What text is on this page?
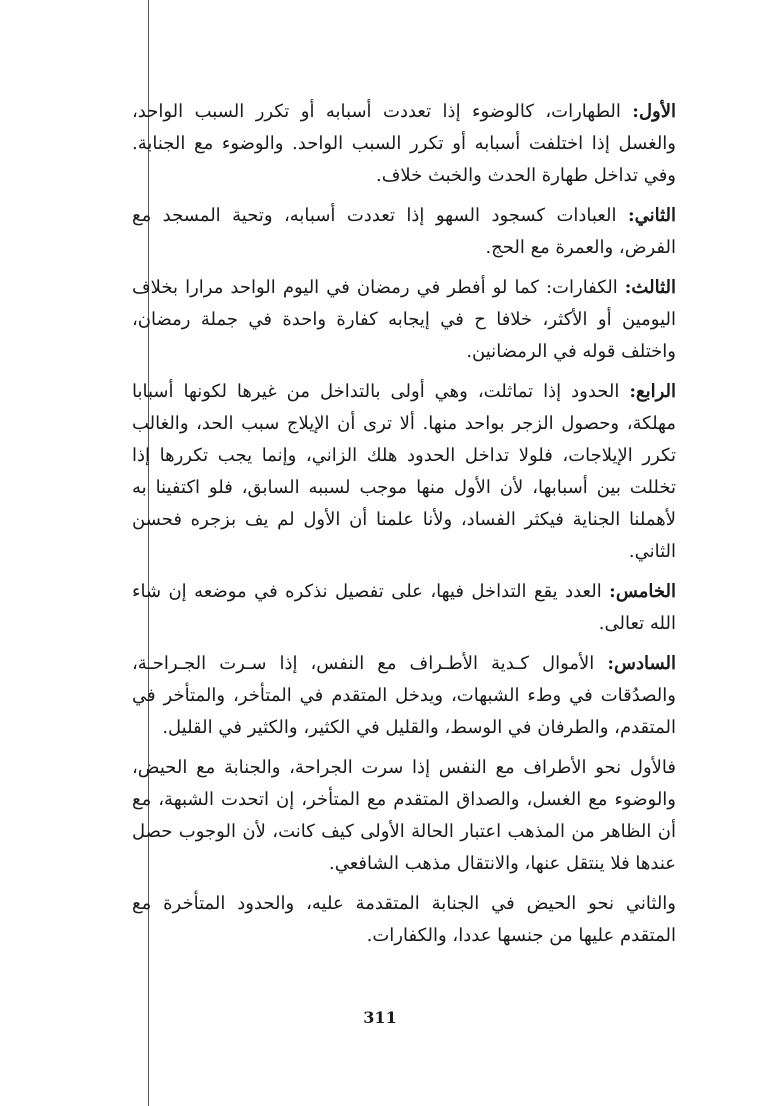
الأول: الطهارات، كالوضوء إذا تعددت أسبابه أو تكرر السبب الواحد، والغسل إذا اختلفت أسبابه أو تكرر السبب الواحد. والوضوء مع الجنابة. وفي تداخل طهارة الحدث والخبث خلاف.

الثاني: العبادات كسجود السهو إذا تعددت أسبابه، وتحية المسجد مع الفرض، والعمرة مع الحج.

الثالث: الكفارات: كما لو أفطر في رمضان في اليوم الواحد مرارا بخلاف اليومين أو الأكثر، خلافا ح في إيجابه كفارة واحدة في جملة رمضان، واختلف قوله في الرمضانين.

الرابع: الحدود إذا تماثلت، وهي أولى بالتداخل من غيرها لكونها أسبابا مهلكة، وحصول الزجر بواحد منها. ألا ترى أن الإيلاج سبب الحد، والغالب تكرر الإيلاجات، فلولا تداخل الحدود هلك الزاني، وإنما يجب تكررها إذا تخللت بين أسبابها، لأن الأول منها موجب لسببه السابق، فلو اكتفينا به لأهملنا الجناية فيكثر الفساد، ولأنا علمنا أن الأول لم يف بزجره فحسن الثاني.

الخامس: العدد يقع التداخل فيها، على تفصيل نذكره في موضعه إن شاء الله تعالى.

السادس: الأموال كـدية الأطـراف مع النفس، إذا سـرت الجـراحـة، والصدُقات في وطء الشبهات، ويدخل المتقدم في المتأخر، والمتأخر في المتقدم، والطرفان في الوسط، والقليل في الكثير، والكثير في القليل.

فالأول نحو الأطراف مع النفس إذا سرت الجراحة، والجنابة مع الحيض، والوضوء مع الغسل، والصداق المتقدم مع المتأخر، إن اتحدت الشبهة، مع أن الظاهر من المذهب اعتبار الحالة الأولى كيف كانت، لأن الوجوب حصل عندها فلا ينتقل عنها، والانتقال مذهب الشافعي.

والثاني نحو الحيض في الجنابة المتقدمة عليه، والحدود المتأخرة مع المتقدم عليها من جنسها عددا، والكفارات.

311
